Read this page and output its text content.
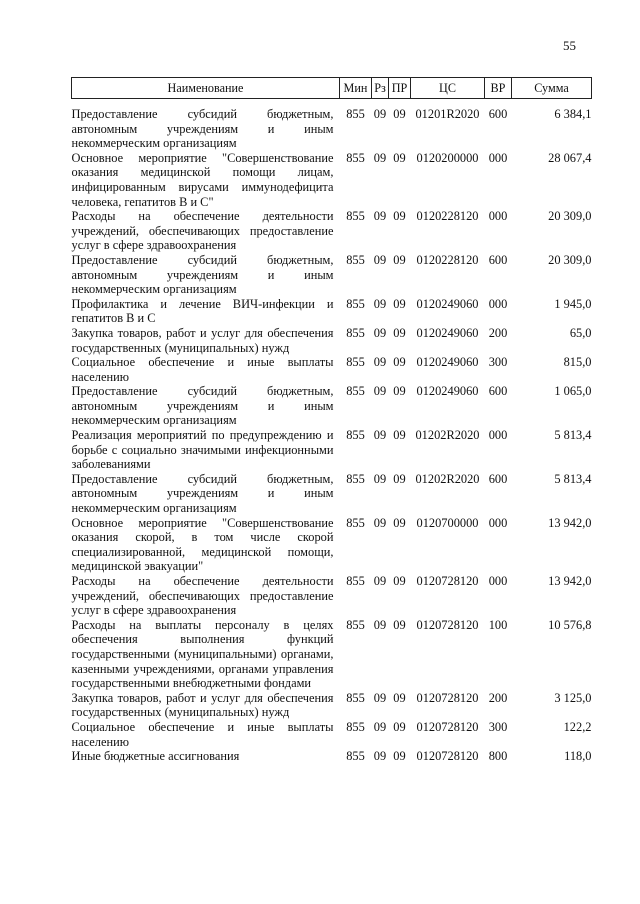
55
Наименование	Мин	Рз	ПР	ЦС	ВР	Сумма
Предоставление субсидий бюджетным, автономным учреждениям и иным некоммерческим организациям	855	09	09	01201R2020	600	6 384,1
Основное мероприятие "Совершенствование оказания медицинской помощи лицам, инфицированным вирусами иммунодефицита человека, гепатитов В и С"	855	09	09	0120200000	000	28 067,4
Расходы на обеспечение деятельности учреждений, обеспечивающих предоставление услуг в сфере здравоохранения	855	09	09	0120228120	000	20 309,0
Предоставление субсидий бюджетным, автономным учреждениям и иным некоммерческим организациям	855	09	09	0120228120	600	20 309,0
Профилактика и лечение ВИЧ-инфекции и гепатитов В и С	855	09	09	0120249060	000	1 945,0
Закупка товаров, работ и услуг для обеспечения государственных (муниципальных) нужд	855	09	09	0120249060	200	65,0
Социальное обеспечение и иные выплаты населению	855	09	09	0120249060	300	815,0
Предоставление субсидий бюджетным, автономным учреждениям и иным некоммерческим организациям	855	09	09	0120249060	600	1 065,0
Реализация мероприятий по предупреждению и борьбе с социально значимыми инфекционными заболеваниями	855	09	09	01202R2020	000	5 813,4
Предоставление субсидий бюджетным, автономным учреждениям и иным некоммерческим организациям	855	09	09	01202R2020	600	5 813,4
Основное мероприятие "Совершенствование оказания скорой, в том числе скорой специализированной, медицинской помощи, медицинской эвакуации"	855	09	09	0120700000	000	13 942,0
Расходы на обеспечение деятельности учреждений, обеспечивающих предоставление услуг в сфере здравоохранения	855	09	09	0120728120	000	13 942,0
Расходы на выплаты персоналу в целях обеспечения выполнения функций государственными (муниципальными) органами, казенными учреждениями, органами управления государственными внебюджетными фондами	855	09	09	0120728120	100	10 576,8
Закупка товаров, работ и услуг для обеспечения государственных (муниципальных) нужд	855	09	09	0120728120	200	3 125,0
Социальное обеспечение и иные выплаты населению	855	09	09	0120728120	300	122,2
Иные бюджетные ассигнования	855	09	09	0120728120	800	118,0
